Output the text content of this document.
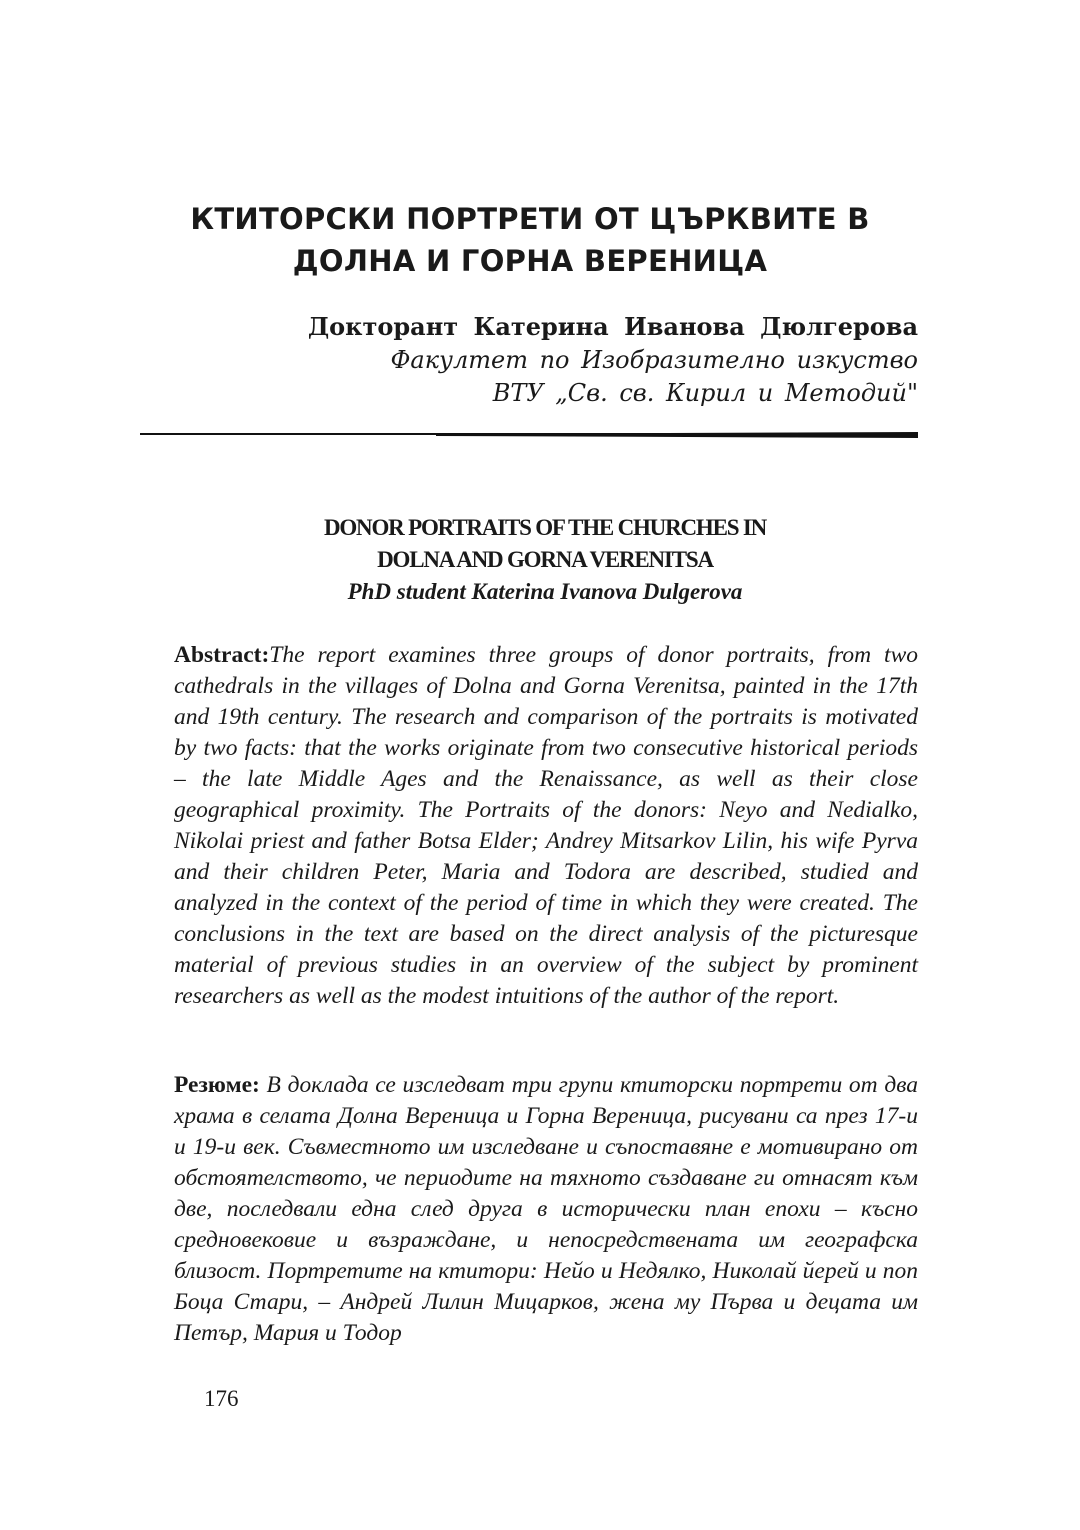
КТИТОРСКИ ПОРТРЕТИ ОТ ЦЪРКВИТЕ В
ДОЛНА И ГОРНА ВЕРЕНИЦА
Докторант Катерина Иванова Дюлгерова
Факултет по Изобразително изкуство
ВТУ „Св. св. Кирил и Методий"
DONOR PORTRAITS OF THE CHURCHES IN
DOLNA AND GORNA VERENITSA
PhD student Katerina Ivanova Dulgerova

Abstract:The report examines three groups of donor portraits, from two cathedrals in the villages of Dolna and Gorna Verenitsa, painted in the 17th and 19th century. The research and comparison of the portraits is motivated by two facts: that the works originate from two consecutive historical periods – the late Middle Ages and the Renaissance, as well as their close geographical proximity. The Portraits of the donors: Neyo and Nedialko, Nikolai priest and father Botsa Elder; Andrey Mitsarkov Lilin, his wife Pyrva and their children Peter, Maria and Todora are described, studied and analyzed in the context of the period of time in which they were created. The conclusions in the text are based on the direct analysis of the picturesque material of previous studies in an overview of the subject by prominent researchers as well as the modest intuitions of the author of the report.

Резюме: В доклада се изследват три групи ктиторски портрети от два храма в селата Долна Вереница и Горна Вереница, рисувани са през 17-и и 19-и век. Съвместното им изследване и съпоставяне е мотивирано от обстоятелството, че периодите на тяхното създаване ги отнасят към две, последвали една след друга в исторически план епохи – късно средновековие и възраждане, и непосредствената им географска близост. Портретите на ктитори: Нейо и Недялко, Николай йерей и поп Боца Стари, – Андрей Лилин Мицарков, жена му Първа и децата им Петър, Мария и Тодор

176
